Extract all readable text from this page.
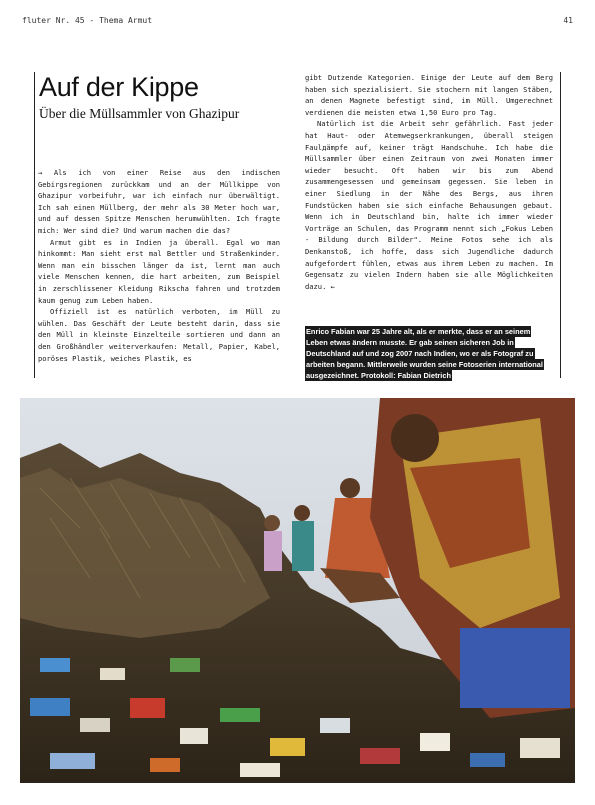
fluter Nr. 45 - Thema Armut	41
Auf der Kippe
Über die Müllsammler von Ghazipur

→ Als ich von einer Reise aus den indischen Gebirgsregionen zurückkam und an der Müllkippe von Ghazipur vorbeifuhr, war ich einfach nur überwältigt. Ich sah einen Müllberg, der mehr als 30 Meter hoch war, und auf dessen Spitze Menschen herumwühlten. Ich fragte mich: Wer sind die? Und warum machen die das?

Armut gibt es in Indien ja überall. Egal wo man hinkommt: Man sieht erst mal Bettler und Straßenkinder. Wenn man ein bisschen länger da ist, lernt man auch viele Menschen kennen, die hart arbeiten, zum Beispiel in zerschlissener Kleidung Rikscha fahren und trotzdem kaum genug zum Leben haben.

Offiziell ist es natürlich verboten, im Müll zu wühlen. Das Geschäft der Leute besteht darin, dass sie den Müll in kleinste Einzelteile sortieren und dann an den Großhändler weiterverkaufen: Metall, Papier, Kabel, poröses Plastik, weiches Plastik, es

gibt Dutzende Kategorien. Einige der Leute auf dem Berg haben sich spezialisiert. Sie stochern mit langen Stäben, an denen Magnete befestigt sind, im Müll. Umgerechnet verdienen die meisten etwa 1,50 Euro pro Tag.

Natürlich ist die Arbeit sehr gefährlich. Fast jeder hat Haut- oder Atemwegserkrankungen, überall steigen Faulдämpfe auf, keiner trägt Handschuhe. Ich habe die Müllsammler über einen Zeitraum von zwei Monaten immer wieder besucht. Oft haben wir bis zum Abend zusammengesessen und gemeinsam gegessen. Sie leben in einer Siedlung in der Nähe des Bergs, aus ihren Fundstücken haben sie sich einfache Behausungen gebaut. Wenn ich in Deutschland bin, halte ich immer wieder Vorträge an Schulen, das Programm nennt sich „Fokus Leben - Bildung durch Bilder". Meine Fotos sehe ich als Denkanstoß, ich hoffe, dass sich Jugendliche dadurch aufgefordert fühlen, etwas aus ihrem Leben zu machen. Im Gegensatz zu vielen Indern haben sie alle Möglichkeiten dazu. ←

Enrico Fabian war 25 Jahre alt, als er merkte, dass er an seinem Leben etwas ändern musste. Er gab seinen sicheren Job in Deutschland auf und zog 2007 nach Indien, wo er als Fotograf zu arbeiten begann. Mittlerweile wurden seine Fotoserien international ausgezeichnet. Protokoll: Fabian Dietrich
